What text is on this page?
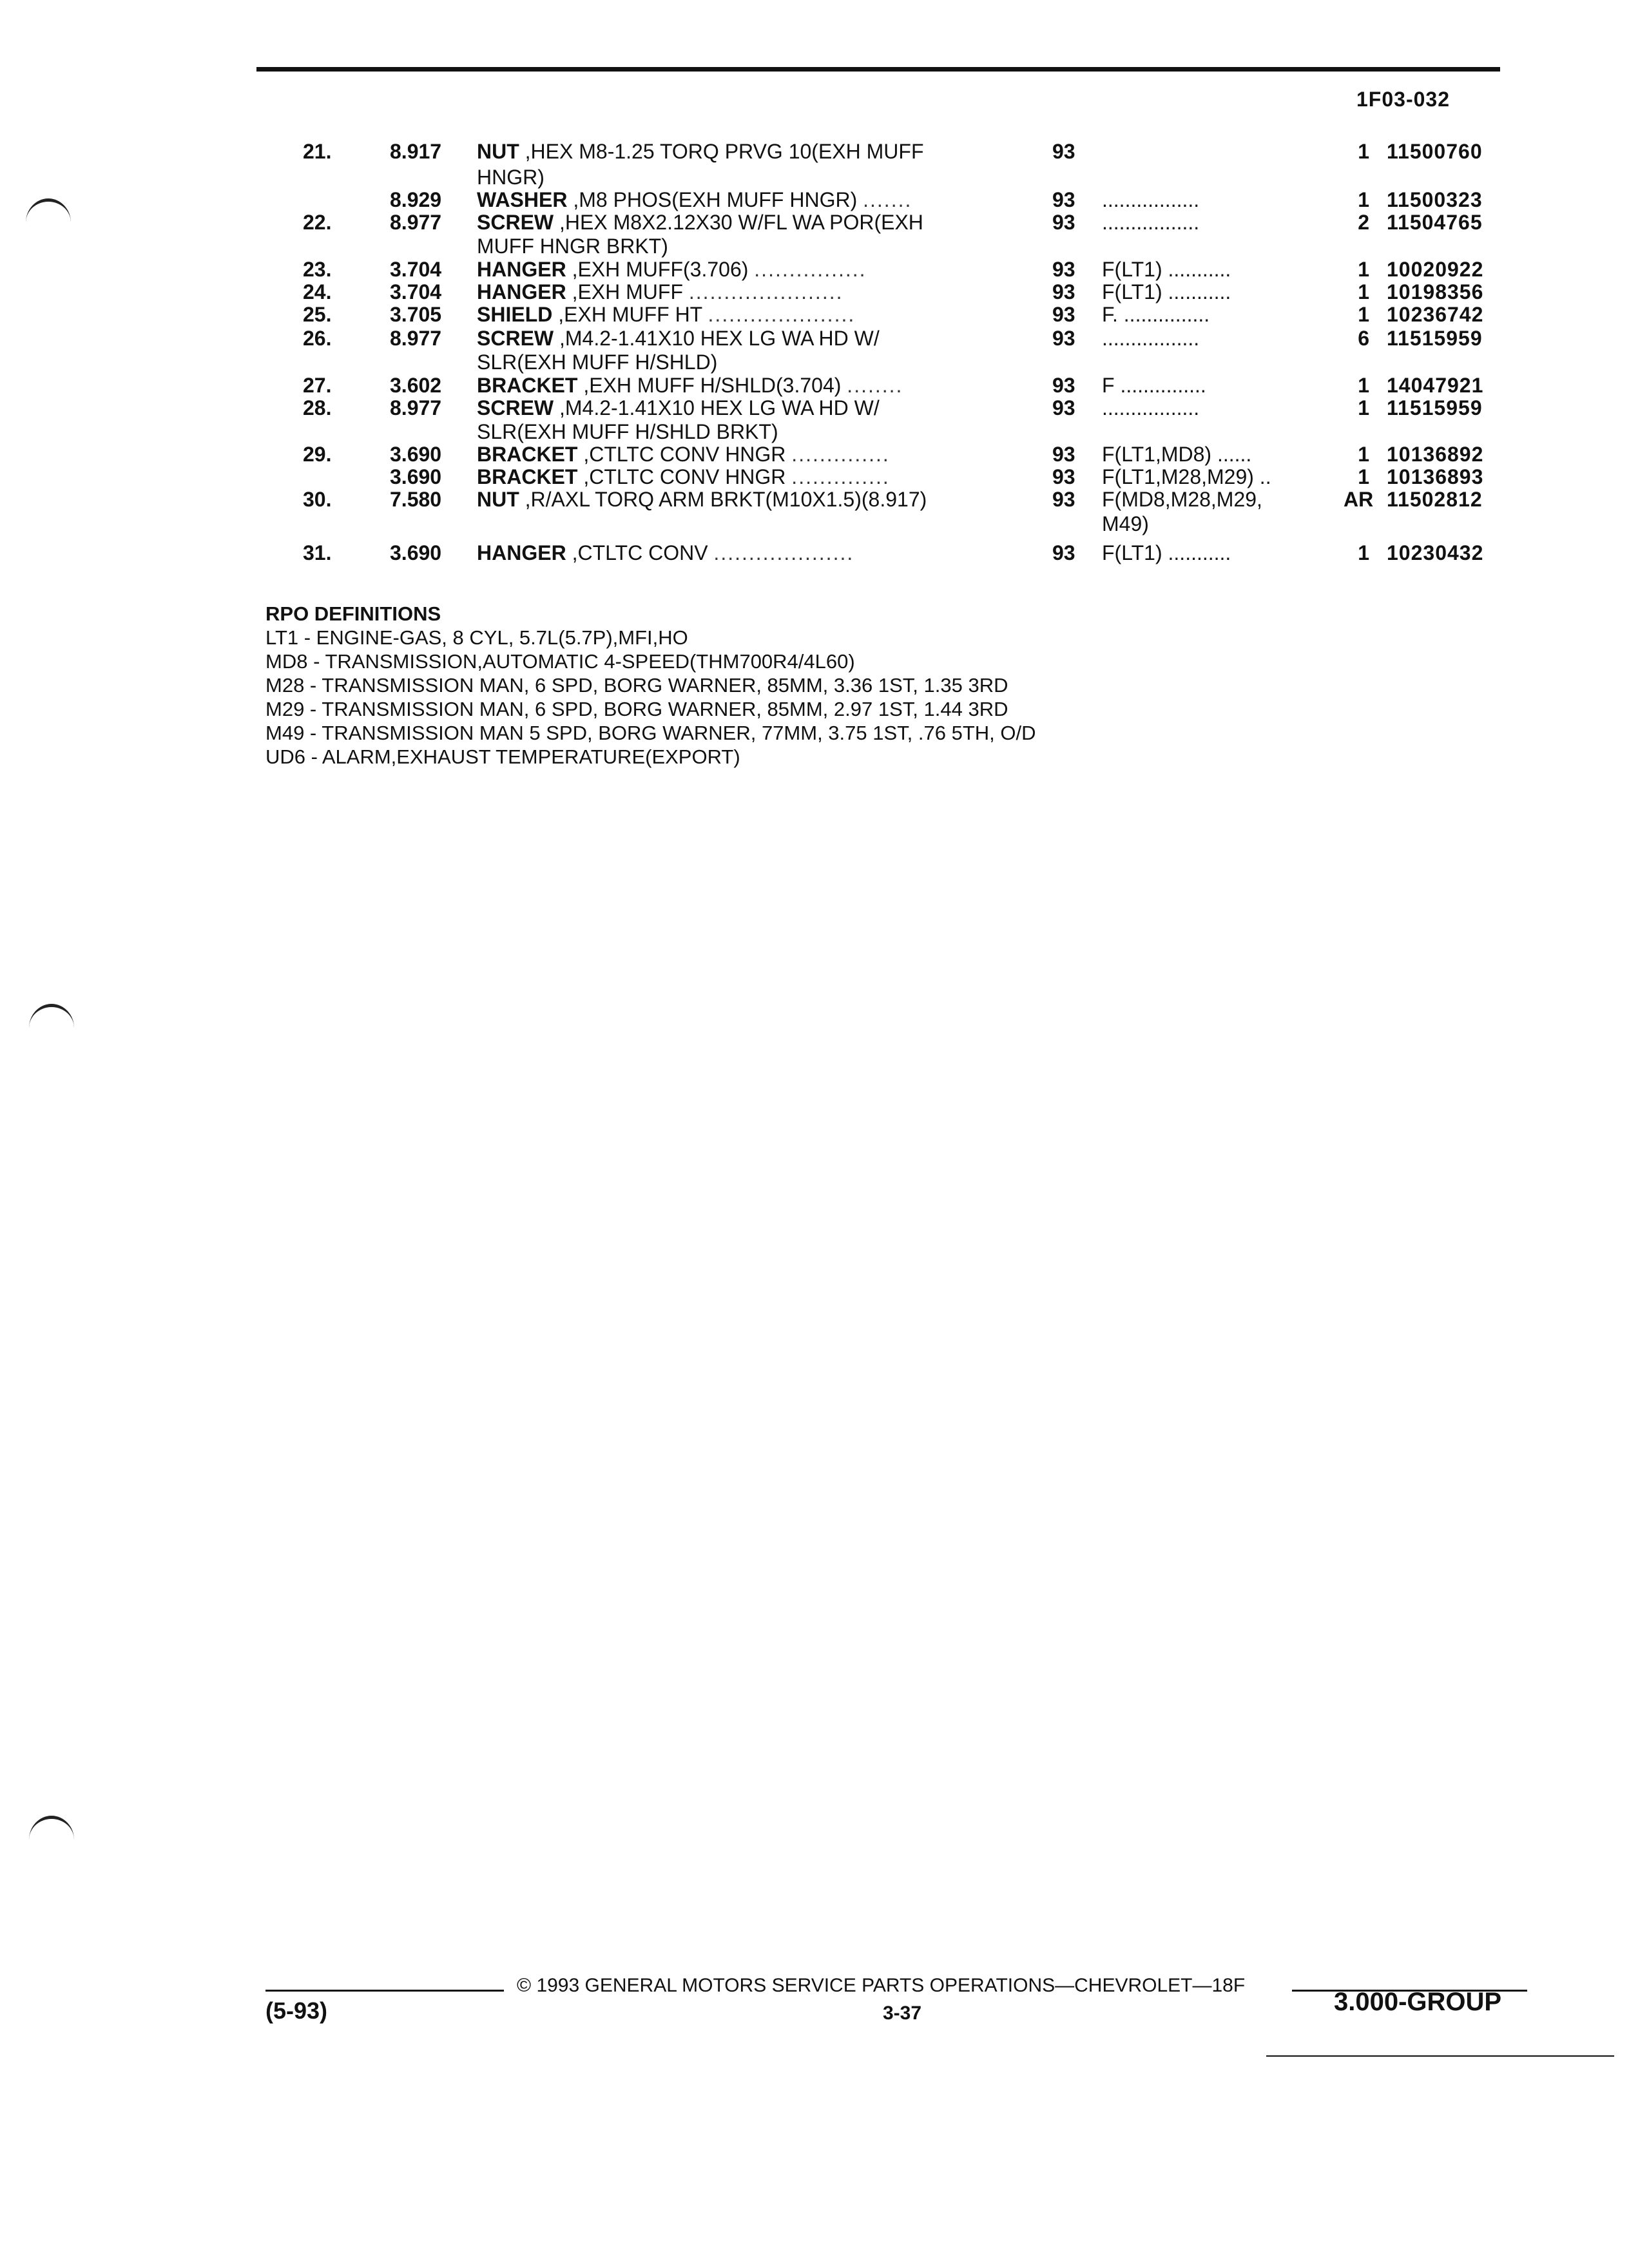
1F03-032
21.	8.917 NUT ,HEX M8-1.25 TORQ PRVG 10(EXH MUFF	93	1 11500760
HNGR)
8.929 WASHER ,M8 PHOS(EXH MUFF HNGR) .......	93 .................	1 11500323
22.	8.977 SCREW ,HEX M8X2.12X30 W/FL WA POR(EXH	93 .................	2 11504765
MUFF HNGR BRKT)
23.	3.704 HANGER ,EXH MUFF(3.706) ................	93 F(LT1) ...........	1 10020922
24.	3.704 HANGER ,EXH MUFF ......................	93 F(LT1) ...........	1 10198356
25.	3.705 SHIELD ,EXH MUFF HT .....................	93 F. ...............	1 10236742
26.	8.977 SCREW ,M4.2-1.41X10 HEX LG WA HD W/	93 .................	6 11515959
SLR(EXH MUFF H/SHLD)
27.	3.602 BRACKET ,EXH MUFF H/SHLD(3.704) ........	93 F ...............	1 14047921
28.	8.977 SCREW ,M4.2-1.41X10 HEX LG WA HD W/	93 .................	1 11515959
SLR(EXH MUFF H/SHLD BRKT)
29.	3.690 BRACKET ,CTLTC CONV HNGR ..............	93 F(LT1,MD8) ......	1 10136892
3.690 BRACKET ,CTLTC CONV HNGR ..............	93 F(LT1,M28,M29) ..	1 10136893
30.	7.580 NUT ,R/AXL TORQ ARM BRKT(M10X1.5)(8.917)	93 F(MD8,M28,M29,	AR 11502812
M49)
31.	3.690 HANGER ,CTLTC CONV ....................	93 F(LT1) ...........	1 10230432
RPO DEFINITIONS
LT1 - ENGINE-GAS, 8 CYL, 5.7L(5.7P),MFI,HO
MD8 - TRANSMISSION,AUTOMATIC 4-SPEED(THM700R4/4L60)
M28 - TRANSMISSION MAN, 6 SPD, BORG WARNER, 85MM, 3.36 1ST, 1.35 3RD
M29 - TRANSMISSION MAN, 6 SPD, BORG WARNER, 85MM, 2.97 1ST, 1.44 3RD
M49 - TRANSMISSION MAN 5 SPD, BORG WARNER, 77MM, 3.75 1ST, .76 5TH, O/D
UD6 - ALARM,EXHAUST TEMPERATURE(EXPORT)
© 1993 GENERAL MOTORS SERVICE PARTS OPERATIONS—CHEVROLET—18F
(5-93)	3-37	3.000-GROUP
